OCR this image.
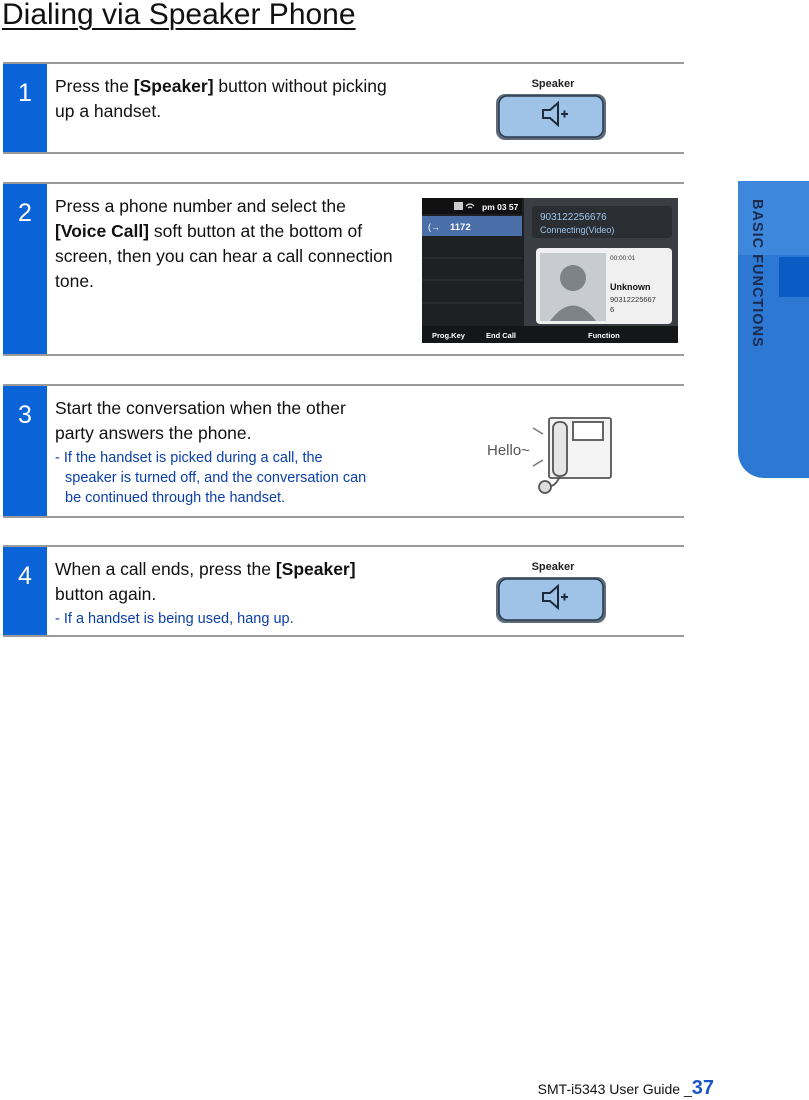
Dialing via Speaker Phone
1 Press the [Speaker] button without picking up a handset.
Speaker
2 Press a phone number and select the [Voice Call] soft button at the bottom of screen, then you can hear a call connection tone.
pm 03 57
(→ 1172
903122256676
Connecting(Video)
00:00:01
Unknown
90312225667
6
Prog.Key	End Call	Function
3 Start the conversation when the other party answers the phone.
- If the handset is picked during a call, the
speaker is turned off, and the conversation can
be continued through the handset.
Hello~
4 When a call ends, press the [Speaker] button again.
- If a handset is being used, hang up.
Speaker
BASIC FUNCTIONS
SMT-i5343 User Guide _37
